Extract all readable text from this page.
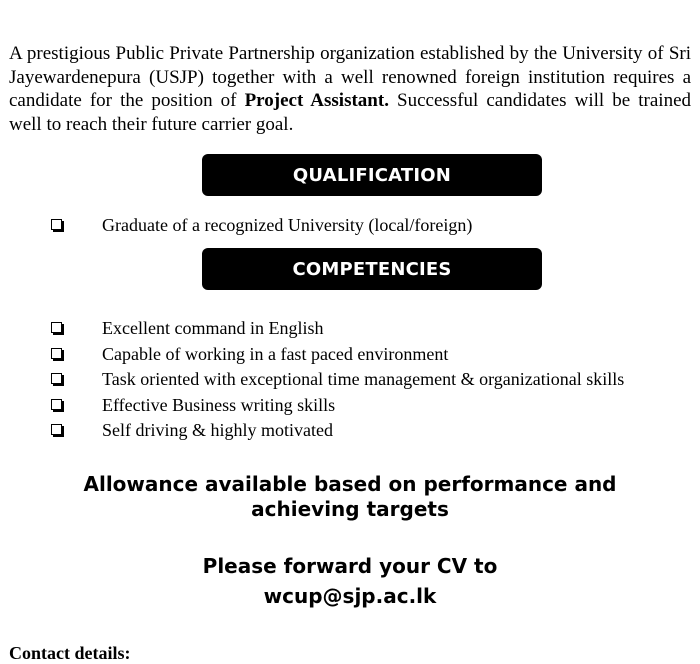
A prestigious Public Private Partnership organization established by the University of Sri Jayewardenepura (USJP) together with a well renowned foreign institution requires a candidate for the position of Project Assistant. Successful candidates will be trained well to reach their future carrier goal.

QUALIFICATION
Graduate of a recognized University (local/foreign)
COMPETENCIES
Excellent command in English
Capable of working in a fast paced environment
Task oriented with exceptional time management & organizational skills
Effective Business writing skills
Self driving & highly motivated
Allowance available based on performance and
achieving targets
Please forward your CV to
wcup@sjp.ac.lk

Contact details:
